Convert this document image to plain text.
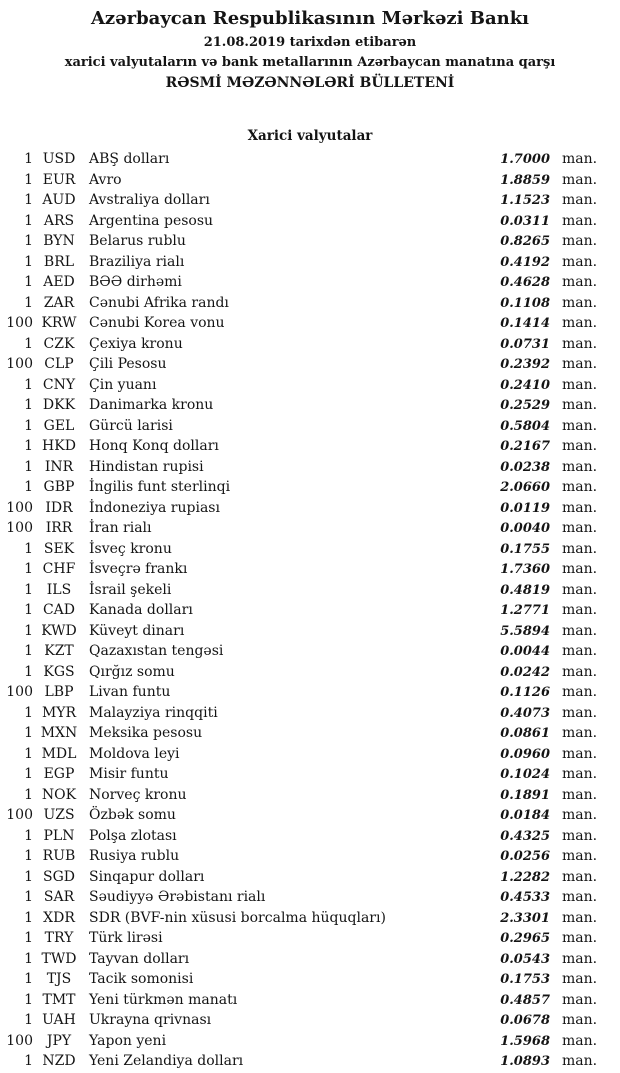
Azərbaycan Respublikasının Mərkəzi Bankı
21.08.2019 tarixdən etibarən
xarici valyutaların və bank metallarının Azərbaycan manatına qarşı
RƏSMİ MƏZƏNNƏLƏRİ BÜLLETENİ
Xarici valyutalar
1 USD ABŞ dolları	1.7000 man.
1 EUR Avro	1.8859 man.
1 AUD Avstraliya dolları	1.1523 man.
1 ARS	Argentina pesosu	0.0311 man.
1 BYN	Belarus rublu	0.8265 man.
1 BRL	Braziliya rialı	0.4192 man.
1 AED	BƏƏ dirhəmi	0.4628 man.
1 ZAR	Cənubi Afrika randı	0.1108 man.
100 KRW Cənubi Korea vonu	0.1414 man.
1 CZK	Çexiya kronu	0.0731 man.
100 CLP	Çili Pesosu	0.2392 man.
1 CNY Çin yuanı	0.2410 man.
1 DKK Danimarka kronu	0.2529 man.
1 GEL	Gürcü larisi	0.5804 man.
1 HKD Honq Konq dolları	0.2167 man.
1 INR	Hindistan rupisi	0.0238 man.
1 GBP	İngilis funt sterlinqi	2.0660 man.
100 IDR	İndoneziya rupiası	0.0119 man.
100 IRR	İran rialı	0.0040 man.
1 SEK	İsveç kronu	0.1755 man.
1 CHF İsveçrə frankı	1.7360 man.
1 ILS	İsrail şekeli	0.4819 man.
1 CAD Kanada dolları	1.2771 man.
1 KWD Küveyt dinarı	5.5894 man.
1 KZT	Qazaxıstan tengəsi	0.0044 man.
1 KGS	Qırğız somu	0.0242 man.
100 LBP	Livan funtu	0.1126 man.
1 MYR Malayziya rinqqiti	0.4073 man.
1 MXN Meksika pesosu	0.0861 man.
1 MDL Moldova leyi	0.0960 man.
1 EGP	Misir funtu	0.1024 man.
1 NOK Norveç kronu	0.1891 man.
100 UZS	Özbək somu	0.0184 man.
1 PLN	Polşa zlotası	0.4325 man.
1 RUB Rusiya rublu	0.0256 man.
1 SGD	Sinqapur dolları	1.2282 man.
1 SAR	Səudiyyə Ərəbistanı rialı	0.4533 man.
1 XDR	SDR (BVF-nin xüsusi borcalma hüquqları)	2.3301 man.
1 TRY	Türk lirəsi	0.2965 man.
1 TWD Tayvan dolları	0.0543 man.
1 TJS	Tacik somonisi	0.1753 man.
1 TMT Yeni türkmən manatı	0.4857 man.
1 UAH Ukrayna qrivnası	0.0678 man.
100 JPY	Yapon yeni	1.5968 man.
1 NZD Yeni Zelandiya dolları	1.0893 man.
